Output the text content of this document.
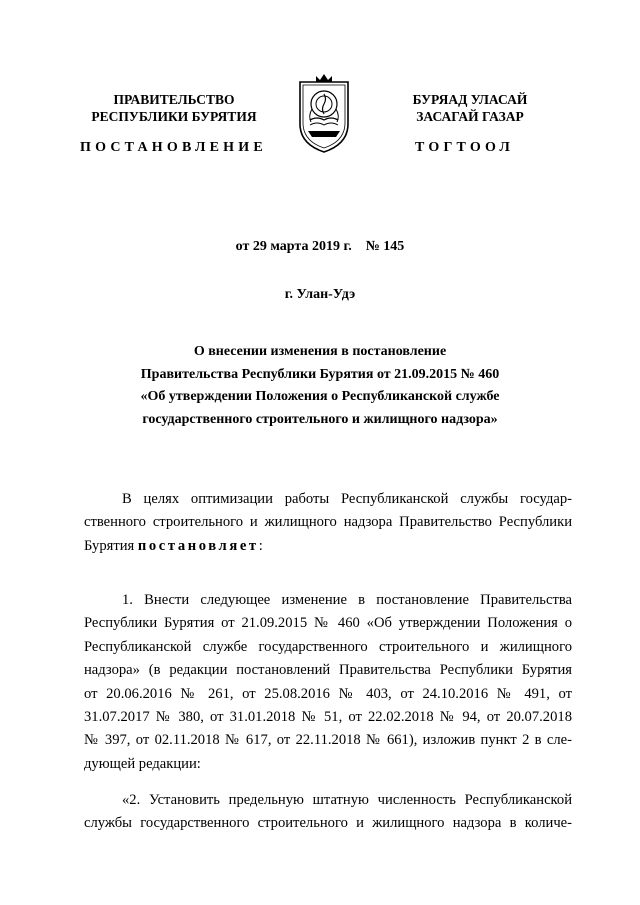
ПРАВИТЕЛЬСТВО
РЕСПУБЛИКИ БУРЯТИЯ
БУРЯАД УЛАСАЙ
ЗАСАГАЙ ГАЗАР
ПОСТАНОВЛЕНИЕ	ТОГТООЛ
от 29 марта 2019 г. № 145
г. Улан-Удэ
О внесении изменения в постановление
Правительства Республики Бурятия от 21.09.2015 № 460
«Об утверждении Положения о Республиканской службе
государственного строительного и жилищного надзора»
В целях оптимизации работы Республиканской службы государ-
ственного строительного и жилищного надзора Правительство Республики
Бурятия постановляет:
1. Внести следующее изменение в постановление Правительства
Республики Бурятия от 21.09.2015 № 460 «Об утверждении Положения о
Республиканской службе государственного строительного и жилищного
надзора» (в редакции постановлений Правительства Республики Бурятия
от 20.06.2016 № 261, от 25.08.2016 № 403, от 24.10.2016 № 491, от
31.07.2017 № 380, от 31.01.2018 № 51, от 22.02.2018 № 94, от 20.07.2018
№ 397, от 02.11.2018 № 617, от 22.11.2018 № 661), изложив пункт 2 в сле-
дующей редакции:
«2. Установить предельную штатную численность Республиканской
службы государственного строительного и жилищного надзора в количе-
